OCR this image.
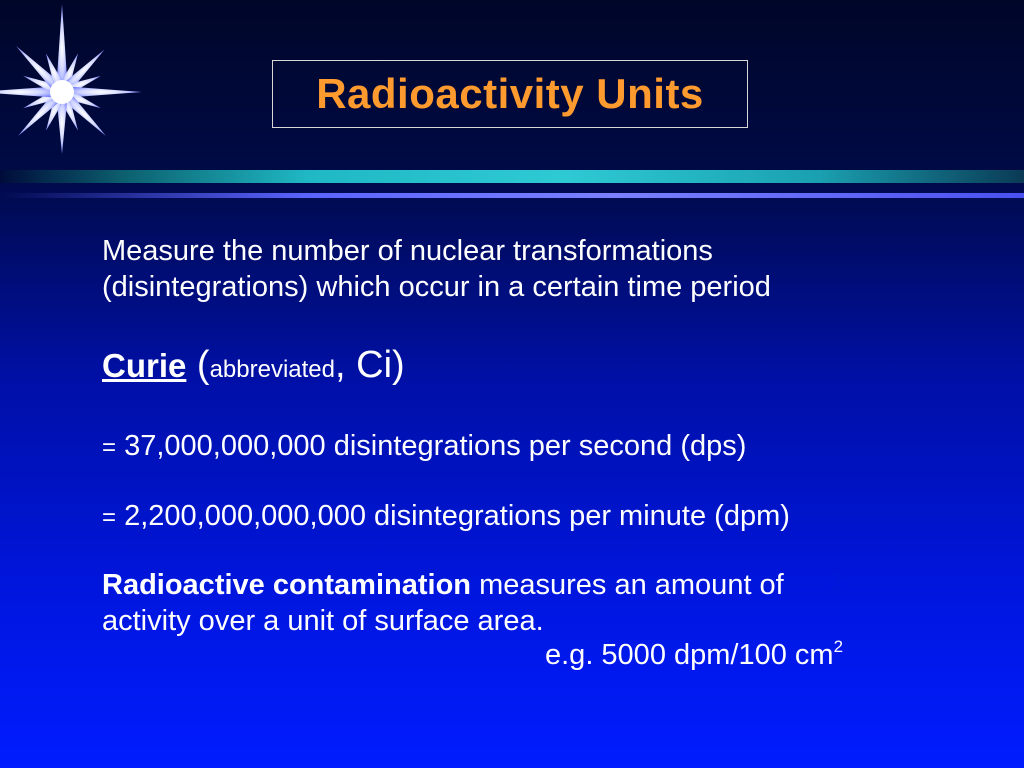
Radioactivity Units
Measure the number of nuclear transformations
(disintegrations) which occur in a certain time period
Curie (abbreviated, Ci)
= 37,000,000,000 disintegrations per second (dps)
= 2,200,000,000,000 disintegrations per minute (dpm)
Radioactive contamination measures an amount of
activity over a unit of surface area.
e.g. 5000 dpm/100 $cm^2$
2
